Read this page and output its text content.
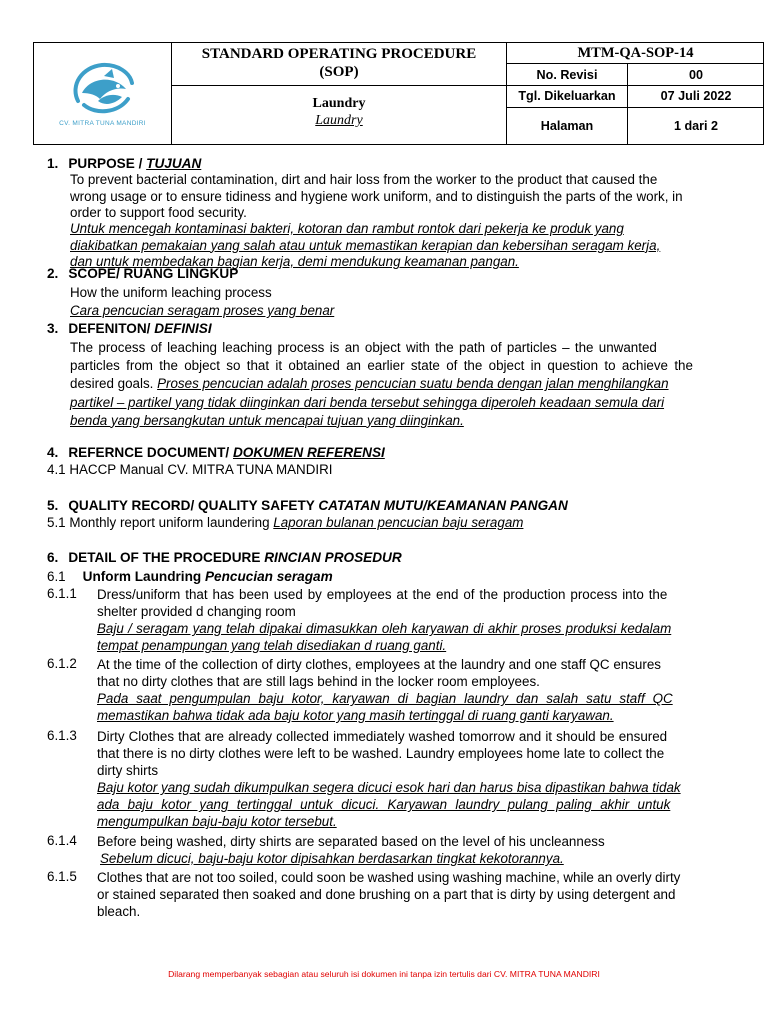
CV. MITRA TUNA MANDIRI
STANDARD OPERATING PROCEDURE
(SOP)
Laundry
Laundry
MTM-QA-SOP-14
No. Revisi	00
Tgl. Dikeluarkan	07 Juli 2022
Halaman	1 dari 2
1. PURPOSE / TUJUAN
To prevent bacterial contamination, dirt and hair loss from the worker to the product that caused the
wrong usage or to ensure tidiness and hygiene work uniform, and to distinguish the parts of the work, in
order to support food security.
Untuk mencegah kontaminasi bakteri, kotoran dan rambut rontok dari pekerja ke produk yang
diakibatkan pemakaian yang salah atau untuk memastikan kerapian dan kebersihan seragam kerja,
dan untuk membedakan bagian kerja, demi mendukung keamanan pangan.
2. SCOPE/ RUANG LINGKUP
How the uniform leaching process
Cara pencucian seragam proses yang benar
3. DEFENITON/ DEFINISI
The process of leaching leaching process is an object with the path of particles – the unwanted
particles from the object so that it obtained an earlier state of the object in question to achieve the
desired goals. Proses pencucian adalah proses pencucian suatu benda dengan jalan menghilangkan
partikel – partikel yang tidak diinginkan dari benda tersebut sehingga diperoleh keadaan semula dari
benda yang bersangkutan untuk mencapai tujuan yang diinginkan.
4. REFERNCE DOCUMENT/ DOKUMEN REFERENSI
4.1 HACCP Manual CV. MITRA TUNA MANDIRI
5. QUALITY RECORD/ QUALITY SAFETY CATATAN MUTU/KEAMANAN PANGAN
5.1 Monthly report uniform laundering Laporan bulanan pencucian baju seragam
6. DETAIL OF THE PROCEDURE RINCIAN PROSEDUR
6.1 Unform Laundring Pencucian seragam
6.1.1 Dress/uniform that has been used by employees at the end of the production process into the
shelter provided d changing room
Baju / seragam yang telah dipakai dimasukkan oleh karyawan di akhir proses produksi kedalam
tempat penampungan yang telah disediakan d ruang ganti.
6.1.2 At the time of the collection of dirty clothes, employees at the laundry and one staff QC ensures
that no dirty clothes that are still lags behind in the locker room employees.
Pada saat pengumpulan baju kotor, karyawan di bagian laundry dan salah satu staff QC
memastikan bahwa tidak ada baju kotor yang masih tertinggal di ruang ganti karyawan.
6.1.3 Dirty Clothes that are already collected immediately washed tomorrow and it should be ensured
that there is no dirty clothes were left to be washed. Laundry employees home late to collect the
dirty shirts
Baju kotor yang sudah dikumpulkan segera dicuci esok hari dan harus bisa dipastikan bahwa tidak
ada baju kotor yang tertinggal untuk dicuci. Karyawan laundry pulang paling akhir untuk
mengumpulkan baju-baju kotor tersebut.
6.1.4 Before being washed, dirty shirts are separated based on the level of his uncleanness
Sebelum dicuci, baju-baju kotor dipisahkan berdasarkan tingkat kekotorannya.
6.1.5 Clothes that are not too soiled, could soon be washed using washing machine, while an overly dirty
or stained separated then soaked and done brushing on a part that is dirty by using detergent and
bleach.
Dilarang memperbanyak sebagian atau seluruh isi dokumen ini tanpa izin tertulis dari CV. MITRA TUNA MANDIRI
